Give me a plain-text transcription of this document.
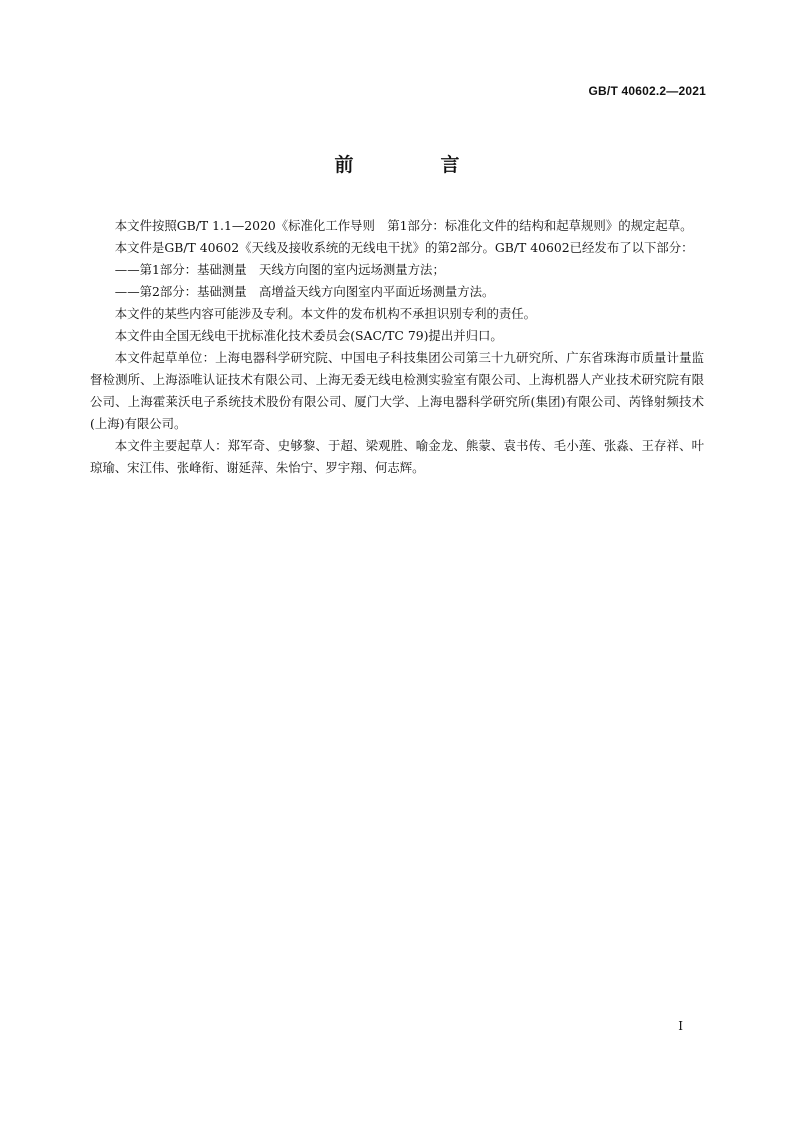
GB/T 40602.2—2021
前　言

本文件按照GB/T 1.1—2020《标准化工作导则　第1部分：标准化文件的结构和起草规则》的规定起草。

本文件是GB/T 40602《天线及接收系统的无线电干扰》的第2部分。GB/T 40602已经发布了以下部分：

——第1部分：基础测量　天线方向图的室内远场测量方法；

——第2部分：基础测量　高增益天线方向图室内平面近场测量方法。

本文件的某些内容可能涉及专利。本文件的发布机构不承担识别专利的责任。

本文件由全国无线电干扰标准化技术委员会(SAC/TC 79)提出并归口。

本文件起草单位：上海电器科学研究院、中国电子科技集团公司第三十九研究所、广东省珠海市质量计量监督检测所、上海添唯认证技术有限公司、上海无委无线电检测实验室有限公司、上海机器人产业技术研究院有限公司、上海霍莱沃电子系统技术股份有限公司、厦门大学、上海电器科学研究所(集团)有限公司、芮锋射频技术(上海)有限公司。

本文件主要起草人：郑军奇、史够黎、于超、梁观胜、喻金龙、熊蒙、袁书传、毛小莲、张淼、王存祥、叶琼瑜、宋江伟、张峰衔、谢延萍、朱怡宁、罗宇翔、何志辉。

I
